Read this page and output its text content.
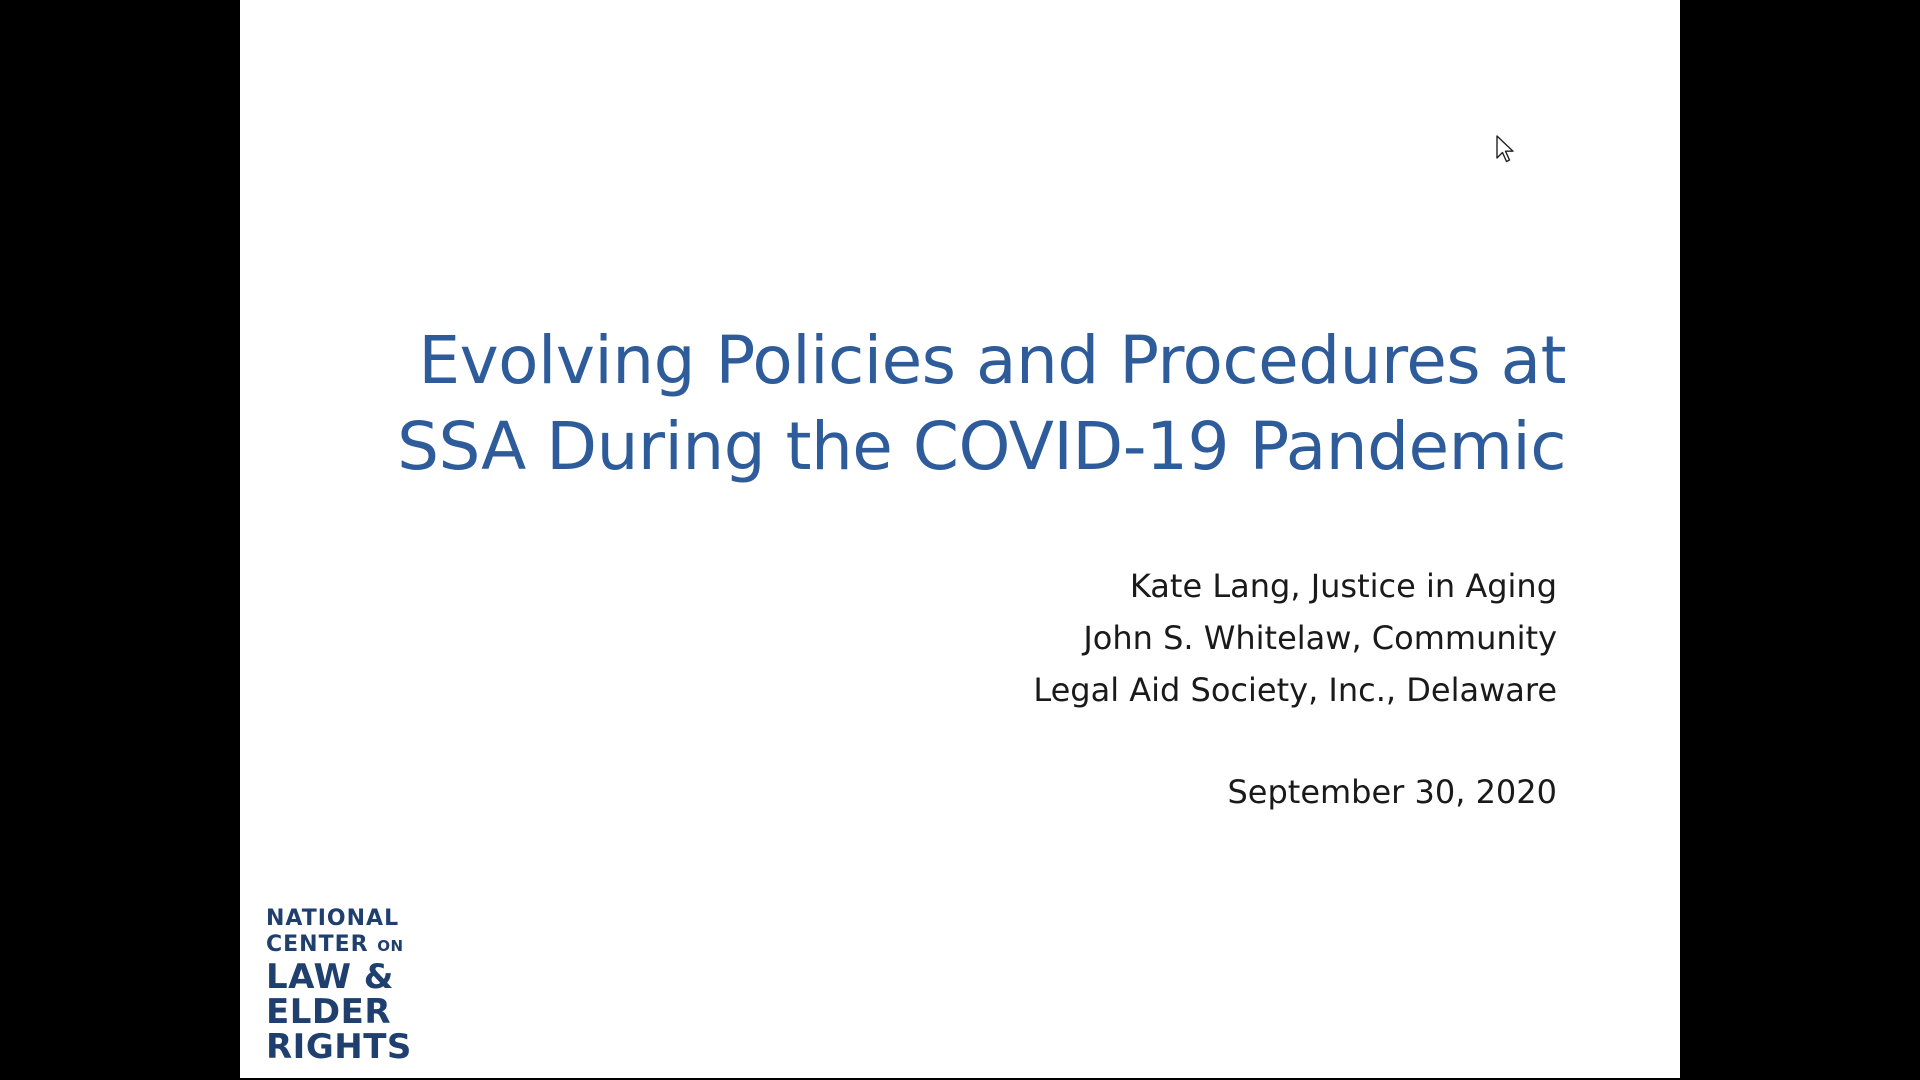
Evolving Policies and Procedures at
SSA During the COVID-19 Pandemic
Kate Lang, Justice in Aging
John S. Whitelaw, Community
Legal Aid Society, Inc., Delaware
September 30, 2020
NATIONAL
CENTER ON
LAW &
ELDER
RIGHTS
